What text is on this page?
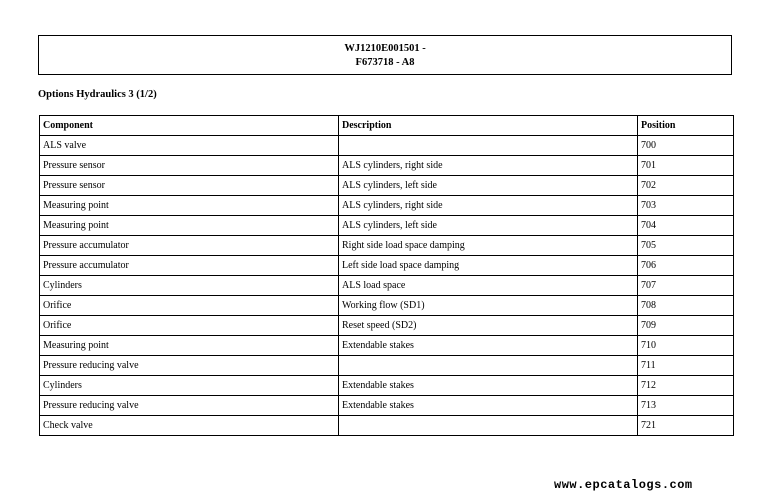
WJ1210E001501 -
F673718 - A8
Options Hydraulics 3 (1/2)
Component	Description	Position
ALS valve		700
Pressure sensor	ALS cylinders, right side	701
Pressure sensor	ALS cylinders, left side	702
Measuring point	ALS cylinders, right side	703
Measuring point	ALS cylinders, left side	704
Pressure accumulator	Right side load space damping	705
Pressure accumulator	Left side load space damping	706
Cylinders	ALS load space	707
Orifice	Working flow (SD1)	708
Orifice	Reset speed (SD2)	709
Measuring point	Extendable stakes	710
Pressure reducing valve		711
Cylinders	Extendable stakes	712
Pressure reducing valve	Extendable stakes	713
Check valve		721
www.epcatalogs.com
